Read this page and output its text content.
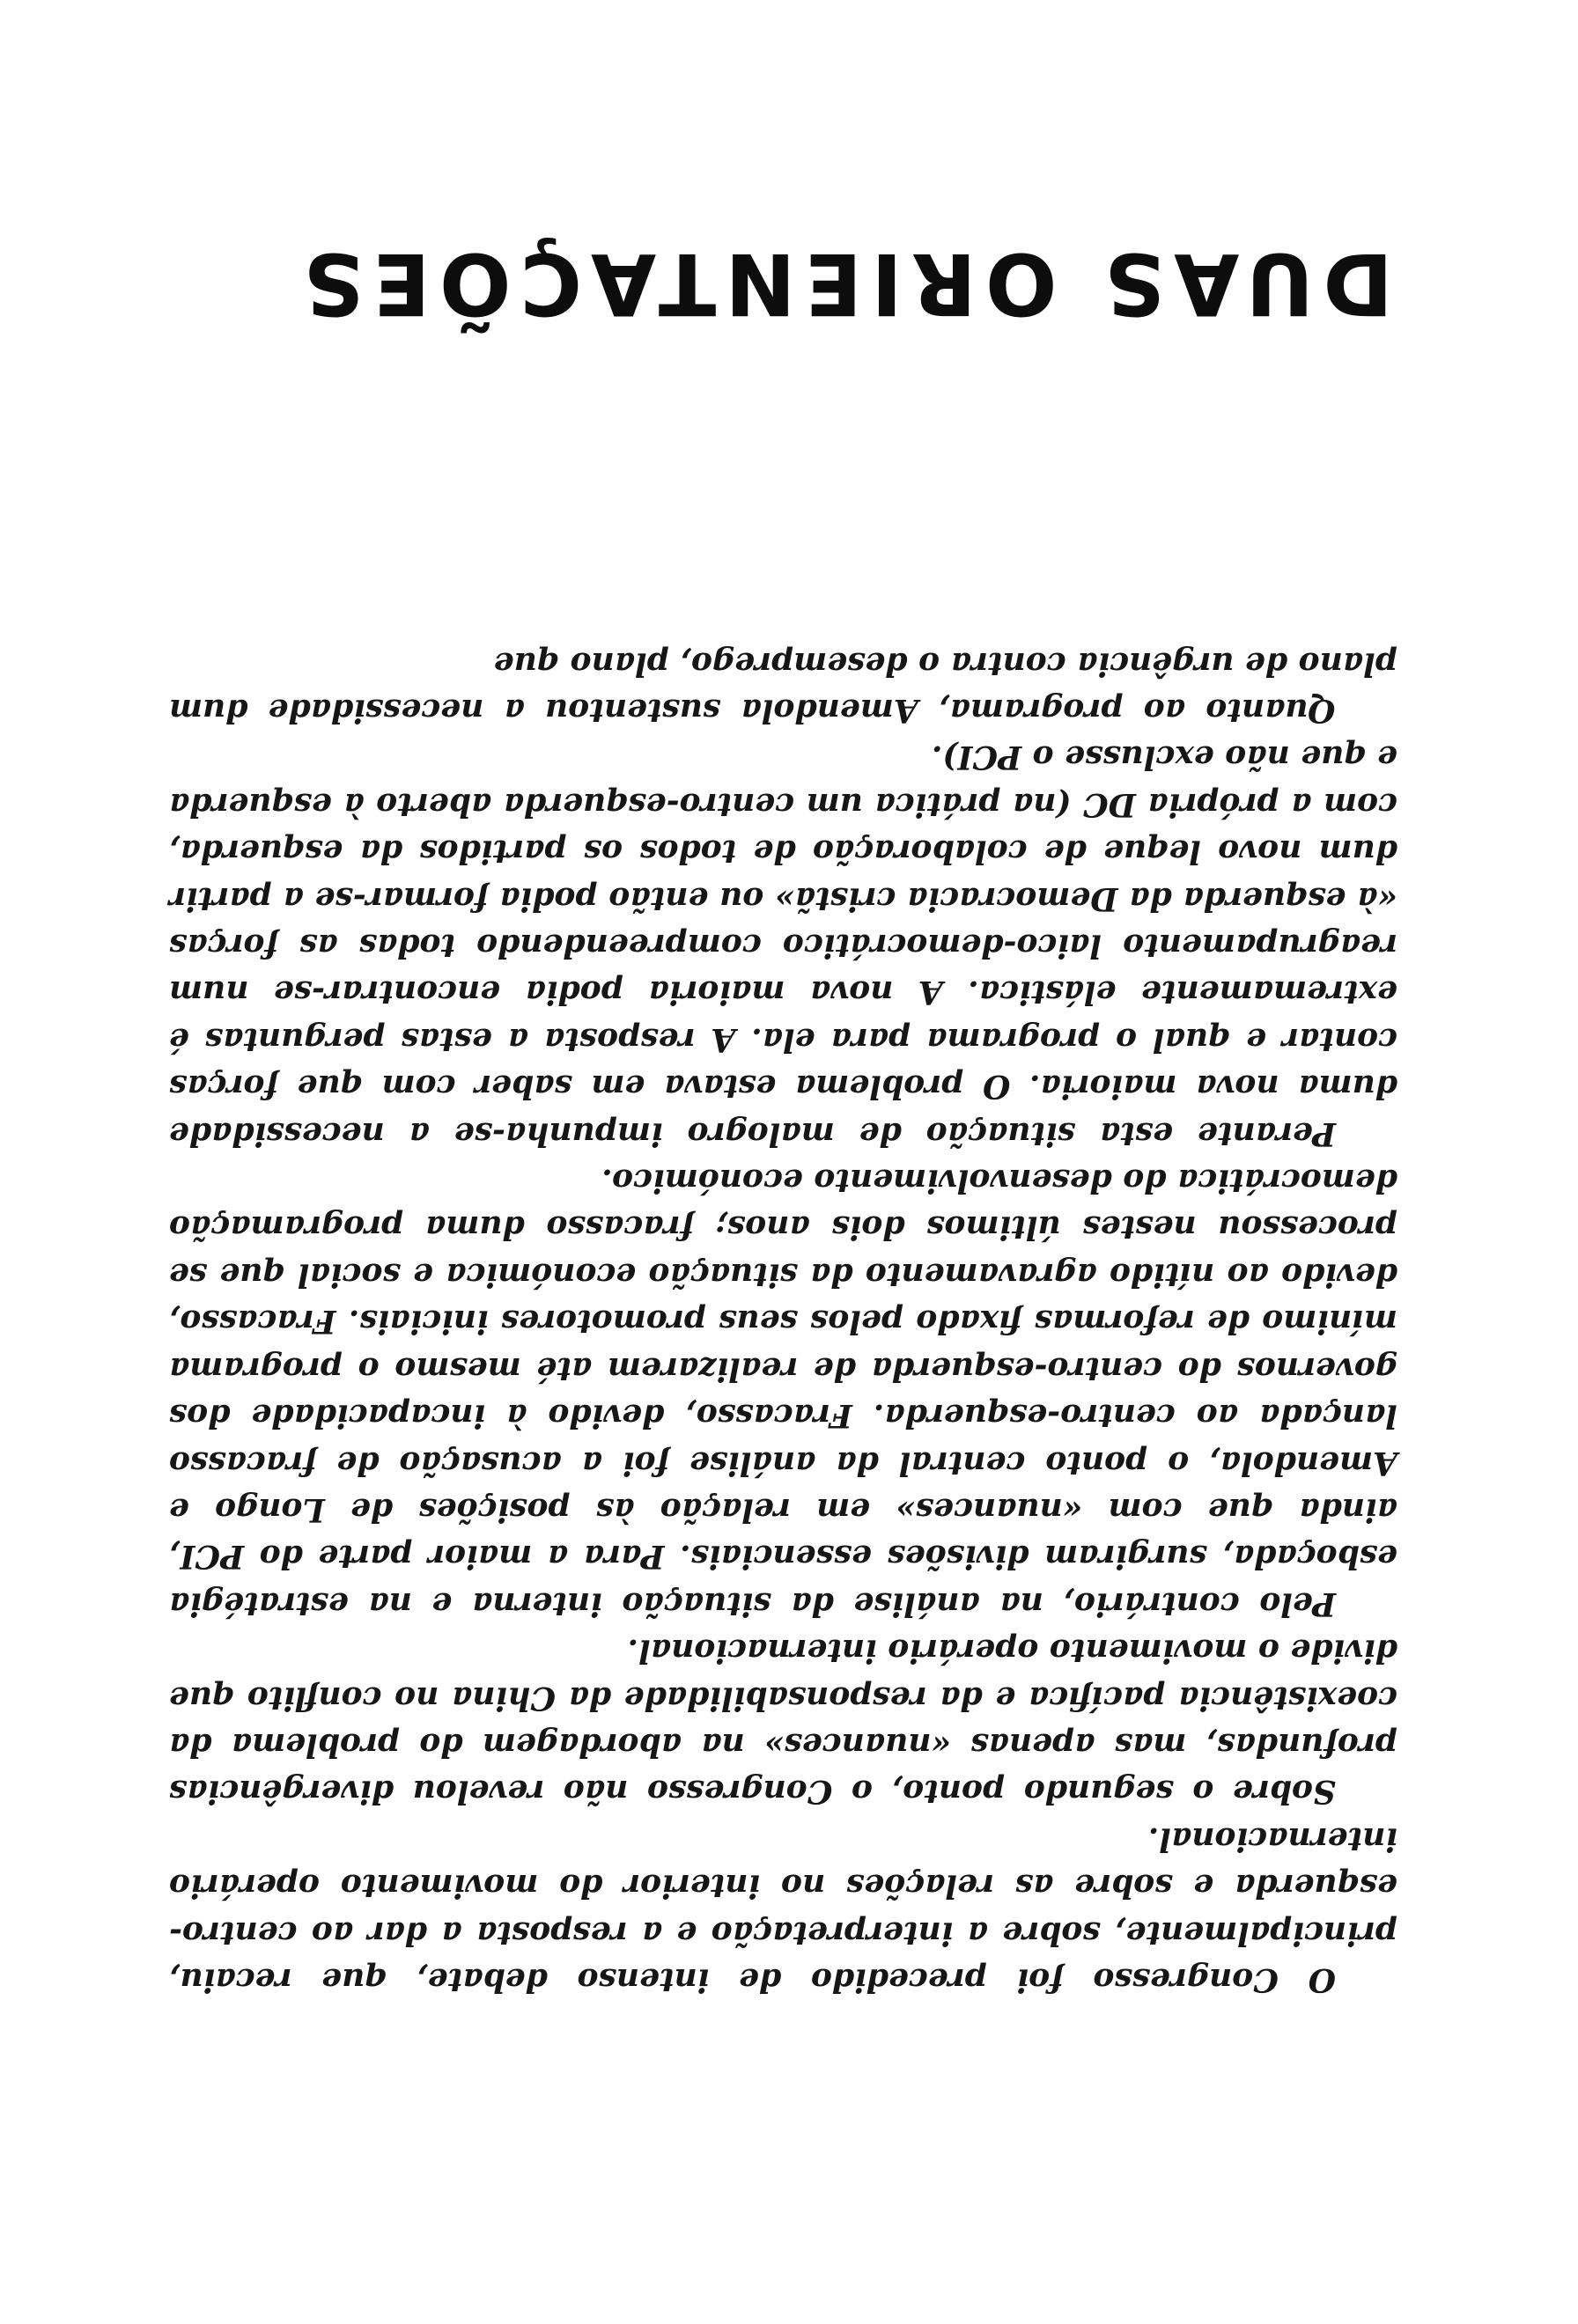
O Congresso foi precedido de intenso debate, que recaiu, principalmente, sobre a interpretação e a resposta a dar ao centro-esquerda e sobre as relações no interior do movimento operário internacional.

Sobre o segundo ponto, o Congresso não revelou divergências profundas, mas apenas «nuances» na abordagem do problema da coexistência pacífica e da responsabilidade da China no conflito que divide o movimento operário internacional.

Pelo contrário, na análise da situação interna e na estratégia esboçada, surgiram divisões essenciais. Para a maior parte do PCI, ainda que com «nuances» em relação às posições de Longo e Amendola, o ponto central da análise foi a acusação de fracasso lançada ao centro-esquerda. Fracasso, devido à incapacidade dos governos do centro-esquerda de realizarem até mesmo o programa mínimo de reformas fixado pelos seus promotores iniciais. Fracasso, devido ao nítido agravamento da situação económica e social que se processou nestes últimos dois anos; fracasso duma programação democrática do desenvolvimento económico.

Perante esta situação de malogro impunha-se a necessidade duma nova maioria. O problema estava em saber com que forças contar e qual o programa para ela. A resposta a estas perguntas é extremamente elástica. A nova maioria podia encontrar-se num reagrupamento laico-democrático compreendendo todas as forças «à esquerda da Democracia cristã» ou então podia formar-se a partir dum novo leque de colaboração de todos os partidos da esquerda, com a própria DC (na prática um centro-esquerda aberto à esquerda e que não exclusse o PCI).

Quanto ao programa, Amendola sustentou a necessidade dum plano de urgência contra o desemprego, plano que

DUAS ORIENTAÇÕES
